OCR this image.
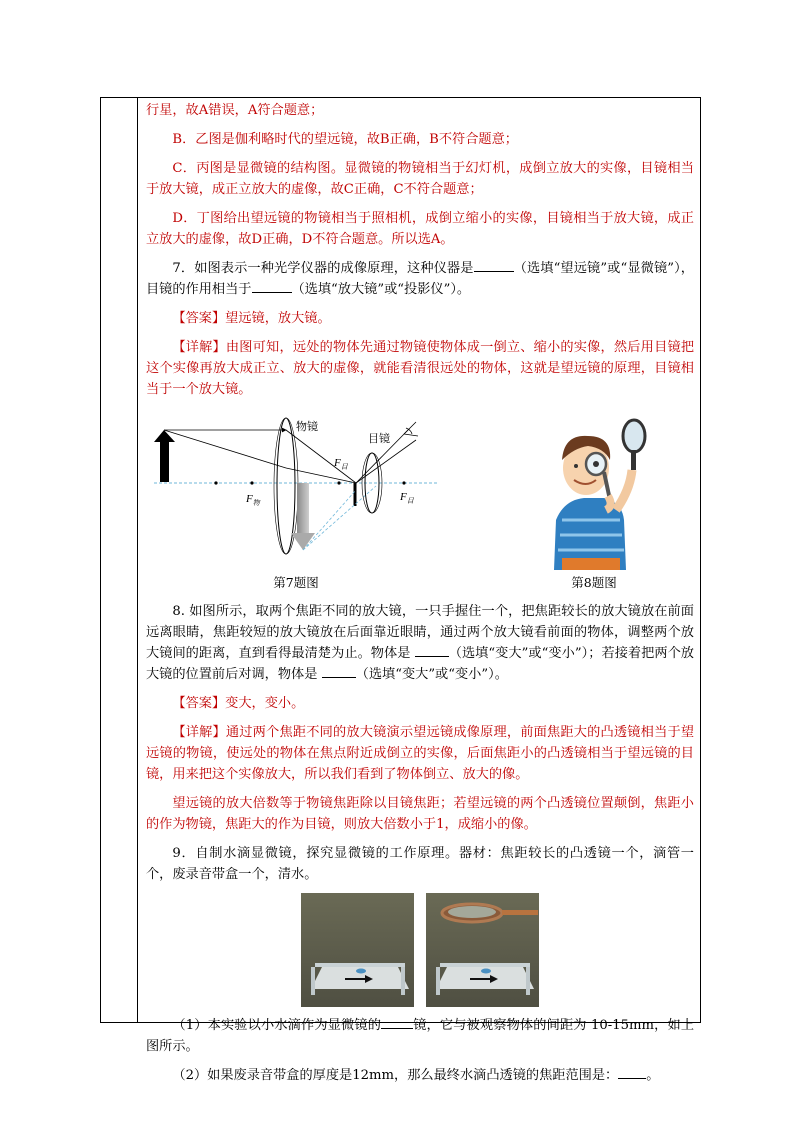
行星，故A错误，A符合题意；

B．乙图是伽利略时代的望远镜，故B正确，B不符合题意；

C．丙图是显微镜的结构图。显微镜的物镜相当于幻灯机，成倒立放大的实像，目镜相当于放大镜，成正立放大的虚像，故C正确，C不符合题意；

D．丁图给出望远镜的物镜相当于照相机，成倒立缩小的实像，目镜相当于放大镜，成正立放大的虚像，故D正确，D不符合题意。所以选A。

7．如图表示一种光学仪器的成像原理，这种仪器是	（选填“望远镜”或“显微镜”），目镜的作用相当于	（选填“放大镜”或“投影仪”）。

【答案】望远镜，放大镜。

【详解】由图可知，远处的物体先通过物镜使物体成一倒立、缩小的实像，然后用目镜把这个实像再放大成正立、放大的虚像，就能看清很远处的物体，这就是望远镜的原理，目镜相当于一个放大镜。

物镜
目镜
$F_物$
$F_目$
$F_目$
第7题图	第8题图

8. 如图所示，取两个焦距不同的放大镜，一只手握住一个，把焦距较长的放大镜放在前面远离眼睛，焦距较短的放大镜放在后面靠近眼睛，通过两个放大镜看前面的物体，调整两个放大镜间的距离，直到看得最清楚为止。物体是	（选填“变大”或“变小”）；若接着把两个放大镜的位置前后对调，物体是	（选填“变大”或“变小”）。

【答案】变大，变小。

【详解】通过两个焦距不同的放大镜演示望远镜成像原理，前面焦距大的凸透镜相当于望远镜的物镜，使远处的物体在焦点附近成倒立的实像，后面焦距小的凸透镜相当于望远镜的目镜，用来把这个实像放大，所以我们看到了物体倒立、放大的像。

望远镜的放大倍数等于物镜焦距除以目镜焦距；若望远镜的两个凸透镜位置颠倒，焦距小的作为物镜，焦距大的作为目镜，则放大倍数小于1，成缩小的像。

9．自制水滴显微镜，探究显微镜的工作原理。器材：焦距较长的凸透镜一个，滴管一个，废录音带盒一个，清水。

（1）本实验以小水滴作为显微镜的 镜，它与被观察物体的间距为 10-15mm，如上图所示。

（2）如果废录音带盒的厚度是12mm，那么最终水滴凸透镜的焦距范围是： 。
